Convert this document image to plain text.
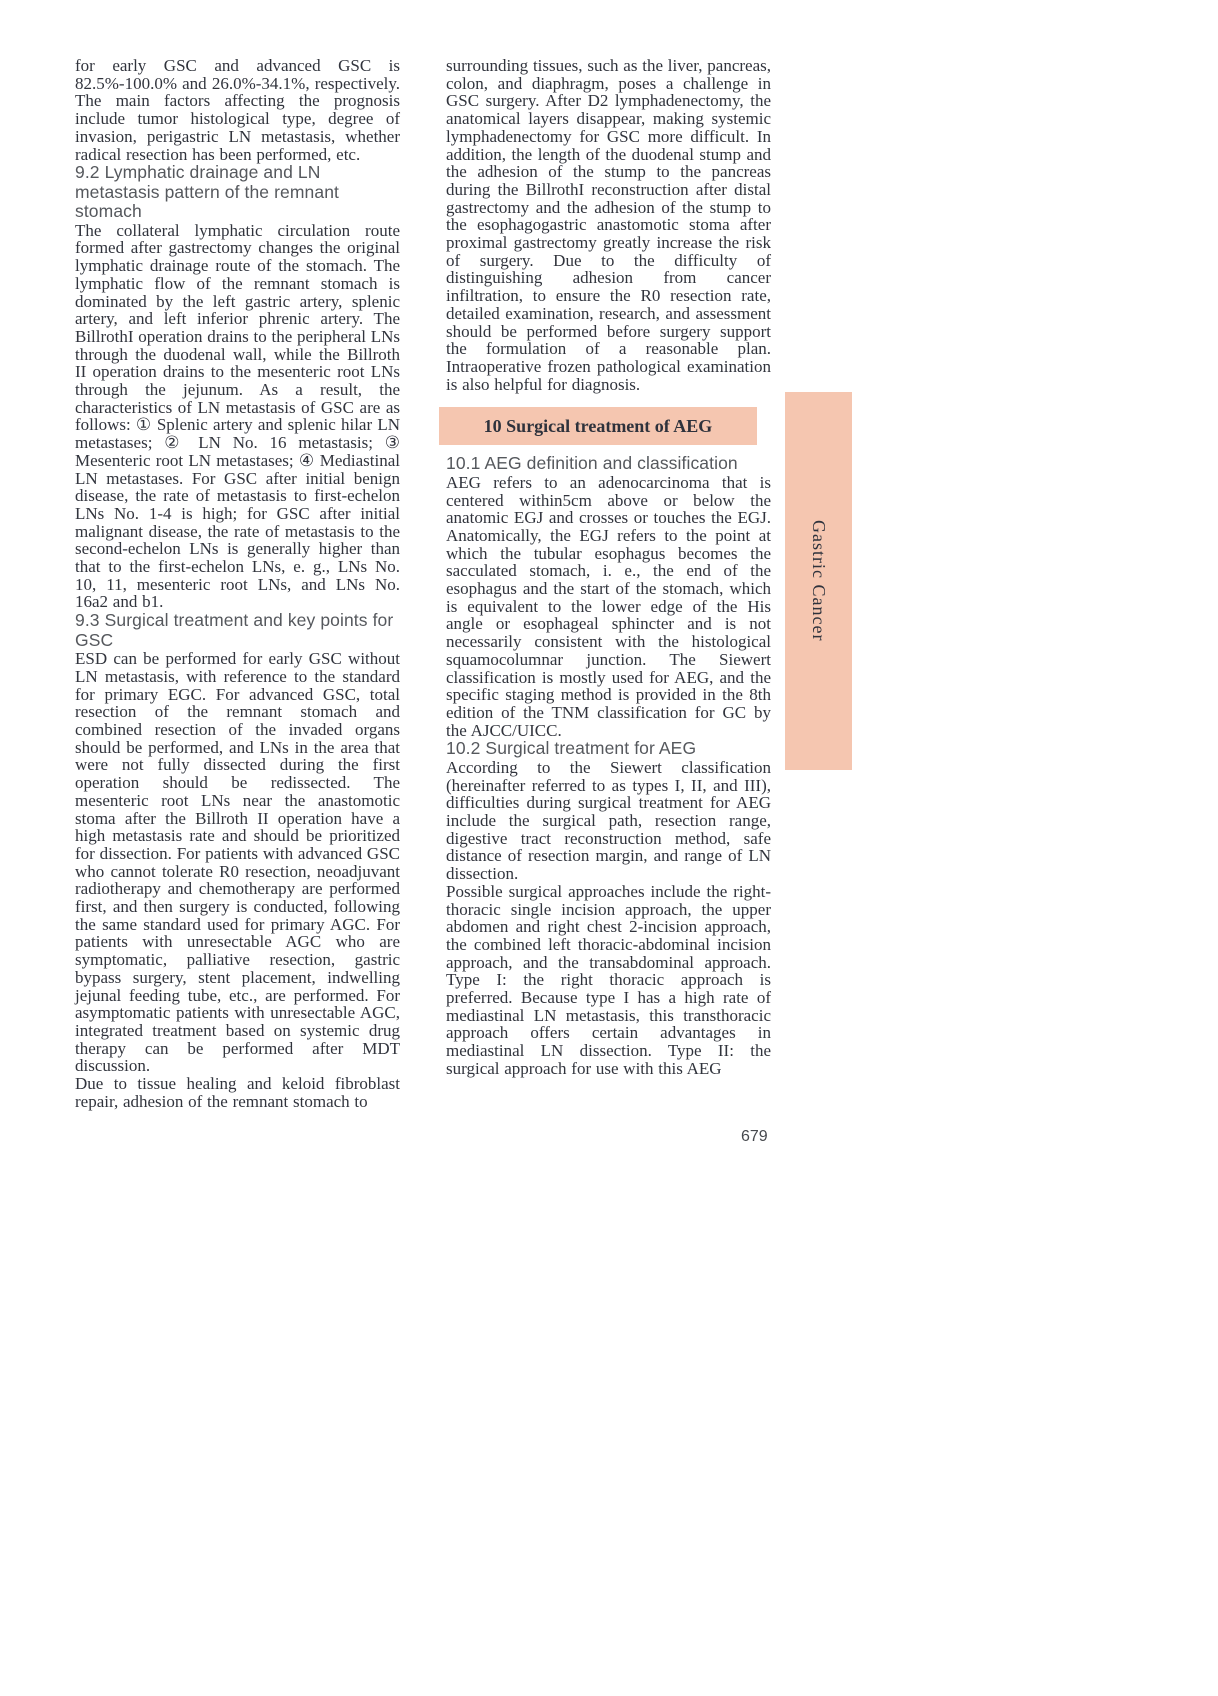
for early GSC and advanced GSC is 82.5%-100.0% and 26.0%-34.1%, respectively. The main factors affecting the prognosis include tumor histological type, degree of invasion, perigastric LN metastasis, whether radical resection has been performed, etc.

9.2 Lymphatic drainage and LN metastasis pattern of the remnant stomach

The collateral lymphatic circulation route formed after gastrectomy changes the original lymphatic drainage route of the stomach. The lymphatic flow of the remnant stomach is dominated by the left gastric artery, splenic artery, and left inferior phrenic artery. The BillrothI operation drains to the peripheral LNs through the duodenal wall, while the Billroth II operation drains to the mesenteric root LNs through the jejunum. As a result, the characteristics of LN metastasis of GSC are as follows: ① Splenic artery and splenic hilar LN metastases; ② LN No. 16 metastasis; ③ Mesenteric root LN metastases; ④ Mediastinal LN metastases. For GSC after initial benign disease, the rate of metastasis to first-echelon LNs No. 1-4 is high; for GSC after initial malignant disease, the rate of metastasis to the second-echelon LNs is generally higher than that to the first-echelon LNs, e. g., LNs No. 10, 11, mesenteric root LNs, and LNs No. 16a2 and b1.

9.3 Surgical treatment and key points for GSC

ESD can be performed for early GSC without LN metastasis, with reference to the standard for primary EGC. For advanced GSC, total resection of the remnant stomach and combined resection of the invaded organs should be performed, and LNs in the area that were not fully dissected during the first operation should be redissected. The mesenteric root LNs near the anastomotic stoma after the Billroth II operation have a high metastasis rate and should be prioritized for dissection. For patients with advanced GSC who cannot tolerate R0 resection, neoadjuvant radiotherapy and chemotherapy are performed first, and then surgery is conducted, following the same standard used for primary AGC. For patients with unresectable AGC who are symptomatic, palliative resection, gastric bypass surgery, stent placement, indwelling jejunal feeding tube, etc., are performed. For asymptomatic patients with unresectable AGC, integrated treatment based on systemic drug therapy can be performed after MDT discussion.

Due to tissue healing and keloid fibroblast repair, adhesion of the remnant stomach to

surrounding tissues, such as the liver, pancreas, colon, and diaphragm, poses a challenge in GSC surgery. After D2 lymphadenectomy, the anatomical layers disappear, making systemic lymphadenectomy for GSC more difficult. In addition, the length of the duodenal stump and the adhesion of the stump to the pancreas during the BillrothI reconstruction after distal gastrectomy and the adhesion of the stump to the esophagogastric anastomotic stoma after proximal gastrectomy greatly increase the risk of surgery. Due to the difficulty of distinguishing adhesion from cancer infiltration, to ensure the R0 resection rate, detailed examination, research, and assessment should be performed before surgery support the formulation of a reasonable plan. Intraoperative frozen pathological examination is also helpful for diagnosis.

10 Surgical treatment of AEG
10.1 AEG definition and classification

AEG refers to an adenocarcinoma that is centered within5cm above or below the anatomic EGJ and crosses or touches the EGJ. Anatomically, the EGJ refers to the point at which the tubular esophagus becomes the sacculated stomach, i. e., the end of the esophagus and the start of the stomach, which is equivalent to the lower edge of the His angle or esophageal sphincter and is not necessarily consistent with the histological squamocolumnar junction. The Siewert classification is mostly used for AEG, and the specific staging method is provided in the 8th edition of the TNM classification for GC by the AJCC/UICC.

10.2 Surgical treatment for AEG

According to the Siewert classification (hereinafter referred to as types I, II, and III), difficulties during surgical treatment for AEG include the surgical path, resection range, digestive tract reconstruction method, safe distance of resection margin, and range of LN dissection.

Possible surgical approaches include the right-thoracic single incision approach, the upper abdomen and right chest 2-incision approach, the combined left thoracic-abdominal incision approach, and the transabdominal approach. Type I: the right thoracic approach is preferred. Because type I has a high rate of mediastinal LN metastasis, this transthoracic approach offers certain advantages in mediastinal LN dissection. Type II: the surgical approach for use with this AEG

Gastric Cancer
679
